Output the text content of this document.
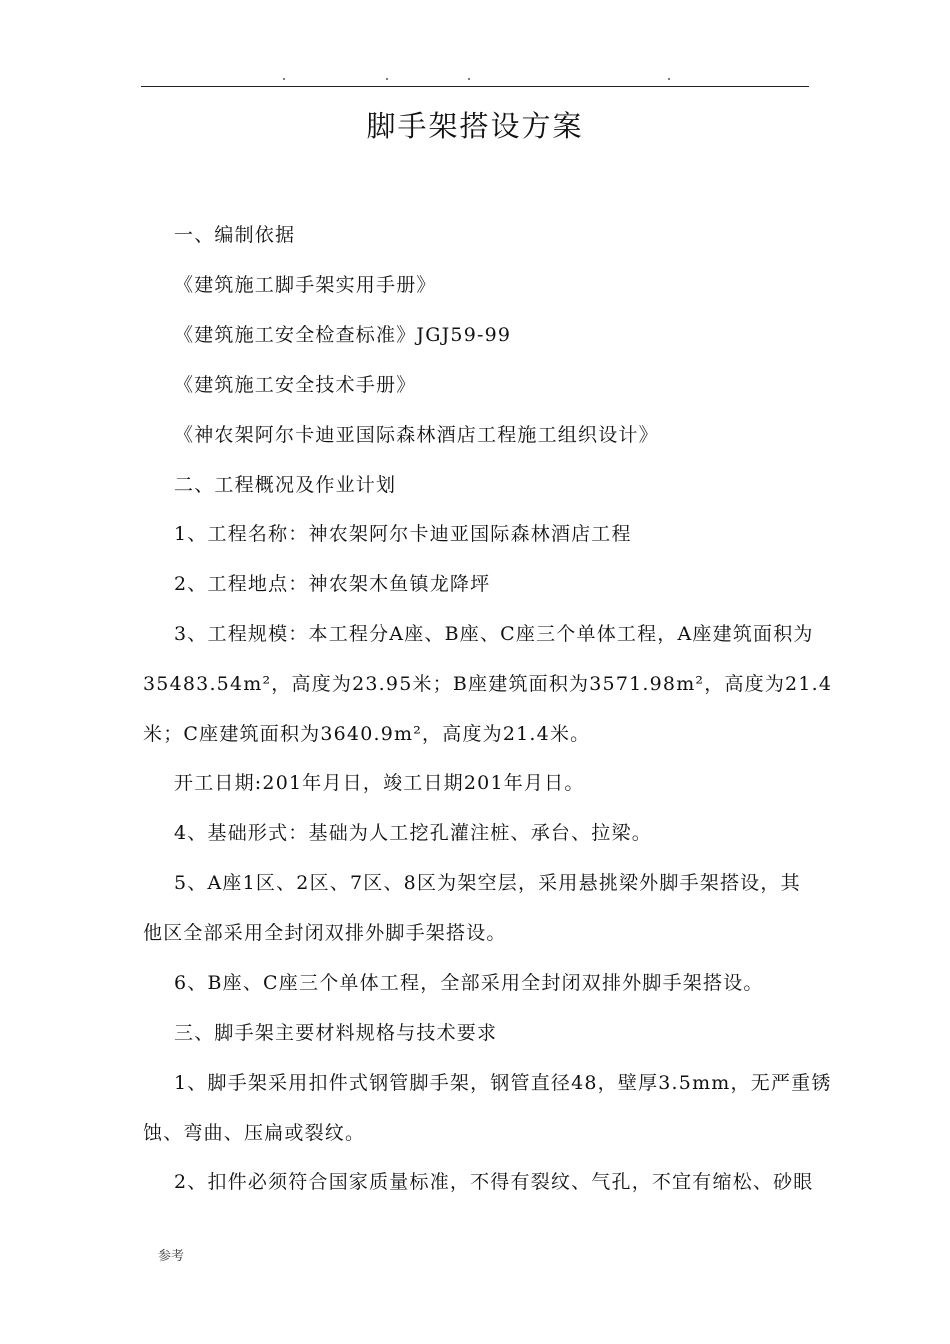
脚手架搭设方案
一、编制依据
《建筑施工脚手架实用手册》
《建筑施工安全检查标准》JGJ59-99
《建筑施工安全技术手册》
《神农架阿尔卡迪亚国际森林酒店工程施工组织设计》
二、工程概况及作业计划
1、工程名称：神农架阿尔卡迪亚国际森林酒店工程
2、工程地点：神农架木鱼镇龙降坪
3、工程规模：本工程分A座、B座、C座三个单体工程，A座建筑面积为
35483.54m²，高度为23.95米；B座建筑面积为3571.98m²，高度为21.4
米；C座建筑面积为3640.9m²，高度为21.4米。
开工日期:201年月日，竣工日期201年月日。
4、基础形式：基础为人工挖孔灌注桩、承台、拉梁。
5、A座1区、2区、7区、8区为架空层，采用悬挑梁外脚手架搭设，其
他区全部采用全封闭双排外脚手架搭设。
6、B座、C座三个单体工程，全部采用全封闭双排外脚手架搭设。
三、脚手架主要材料规格与技术要求
1、脚手架采用扣件式钢管脚手架，钢管直径48，壁厚3.5mm，无严重锈
蚀、弯曲、压扁或裂纹。
2、扣件必须符合国家质量标准，不得有裂纹、气孔，不宜有缩松、砂眼
参考
